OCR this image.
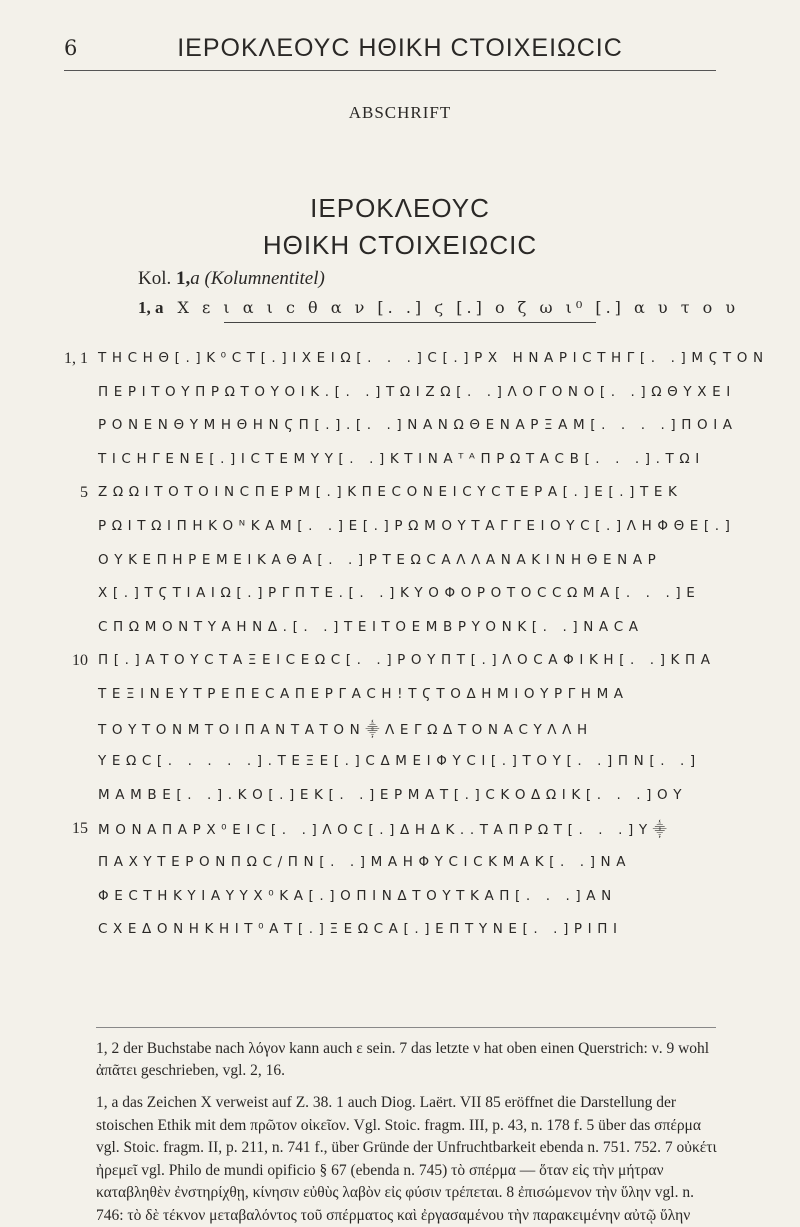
6	ΙΕΡΟΚΛΕΟΥϹ ΗΘΙΚΗ ϹΤΟΙΧΕΙΩϹΙϹ
ABSCHRIFT
ΙΕΡΟΚΛΕΟΥϹ
ΗΘΙΚΗ ϹΤΟΙΧΕΙΩϹΙϹ
Kol. 1,a (Kolumnentitel)
1, a Χ ε ι α ι c θ α ν [. .] ϛ [.] ο ζ ω ι⁰ [.] α υ τ ο υ
1, 1 ΤΗCΗΘ[.]Κ⁰CΤ[.]ΙΧΕΙΩ[. . .]C[.]ΡΧ ΗΝΑΡΙCΤΗΓ[. .]ΜϚΤΟΝ
ΠΕΡΙΤΟΥΠΡΩΤΟΥΟΙΚ.[. .]ΤΩΙΖΩ[. .]ΛΟΓΟΝΟ[. .]ΩΘΥΧΕΙ
ΡΟΝΕΝΘΥΜΗΘΗΝϚΠ[.].[. .]ΝΑΝΩΘΕΝΑΡΞΑΜ[. . . .]ΠΟΙΑ
ΤΙCΗΓΕΝΕ[.]ΙCΤΕΜΥΥ[. .]ΚΤΙΝΑᵀᴬΠΡΩΤΑCΒ[. . .].ΤΩΙ
5 ΖΩΩΙΤΟΤΟΙΝCΠΕΡΜ[.]ΚΠΕCΟΝΕΙCΥCΤΕΡΑ[.]Ε[.]ΤΕΚ
ΡΩΙΤΩΙΠΗΚΟᴺΚΑΜ[. .]Ε[.]ΡΩΜΟΥΤΑΓΓΕΙΟΥC[.]ΛΗΦΘΕ[.]
ΟΥΚΕΠΗΡΕΜΕΙΚΑΘΑ[. .]ΡΤΕΩCΑΛΛΑΝΑΚΙΝΗΘΕΝΑΡ
Χ[.]ΤϚΤΙΑΙΩ[.]ΡΓΠΤΕ.[. .]ΚΥΟΦΟΡΟΤΟCCΩΜΑ[. . .]Ε
CΠΩΜΟΝΤΥΑΗΝΔ.[. .]ΤΕΙΤΟΕΜΒΡΥΟΝΚ[. .]ΝΑCΑ
10 Π[.]ΑΤΟΥCΤΑΞΕΙCΕΩC[. .]ΡΟΥΠΤ[.]ΛΟCΑΦΙΚΗ[. .]ΚΠΑ
ΤΕΞΙΝΕΥΤΡΕΠΕCΑΠΕΡΓΑCΗ!ΤϚΤΟΔΗΜΙΟΥΡΓΗΜΑ
ΤΟΥΤΟΝΜΤΟΙΠΑΝΤΑΤΟΝ⸎ΛΕΓΩΔΤΟΝΑCΥΛΛΗ
ΥΕΩC[. . . . .].ΤΕΞΕ[.]CΔΜΕΙΦΥCΙ[.]ΤΟΥ[. .]ΠΝ[. .]
ΜΑΜΒΕ[. .].ΚΟ[.]ΕΚ[. .]ΕΡΜΑΤ[.]CΚΟΔΩΙΚ[. . .]ΟΥ
15 ΜΟΝΑΠΑΡΧ⁰ΕΙC[. .]ΛΟC[.]ΔΗΔΚ..ΤΑΠΡΩΤ[. . .]Υ⸎
ΠΑΧΥΤΕΡΟΝΠΩC∕ΠΝ[. .]ΜΑΗΦΥCΙCΚΜΑΚ[. .]ΝΑ
ΦΕCΤΗΚΥΙΑΥΥΧ⁰ΚΑ[.]ΟΠΙΝΔΤΟΥΤΚΑΠ[. . .]ΑΝ
CΧΕΔΟΝΗΚΗΙΤ⁰ΑΤ[.]ΞΕΩCΑ[.]ΕΠΤΥΝΕ[. .]ΡΙΠΙ
1, 2 der Buchstabe nach λόγον kann auch ε sein. 7 das letzte ν hat oben einen Querstrich: ν. 9 wohl ἀπᾶτει geschrieben, vgl. 2, 16.
1, a das Zeichen Χ verweist auf Z. 38. 1 auch Diog. Laërt. VII 85 eröffnet die Darstellung der stoischen Ethik mit dem πρῶτον οἰκεῖον. Vgl. Stoic. fragm. III, p. 43, n. 178 f. 5 über das σπέρμα vgl. Stoic. fragm. II, p. 211, n. 741 f., über Gründe der Unfruchtbarkeit ebenda n. 751. 752. 7 οὐκέτι ἠρεμεῖ vgl. Philo de mundi opificio § 67 (ebenda n. 745) τὸ σπέρμα — ὅταν εἰς τὴν μήτραν καταβληθὲν ἐνστηρίχθῃ, κίνησιν εὐθὺς λαβὸν εἰς φύσιν τρέπεται. 8 ἐπισώμενον τὴν ὕλην vgl. n. 746: τὸ δὲ τέκνον μεταβαλόντος τοῦ σπέρματος καὶ ἐργασαμένου τὴν παρακειμένην αὐτῷ ὕλην
